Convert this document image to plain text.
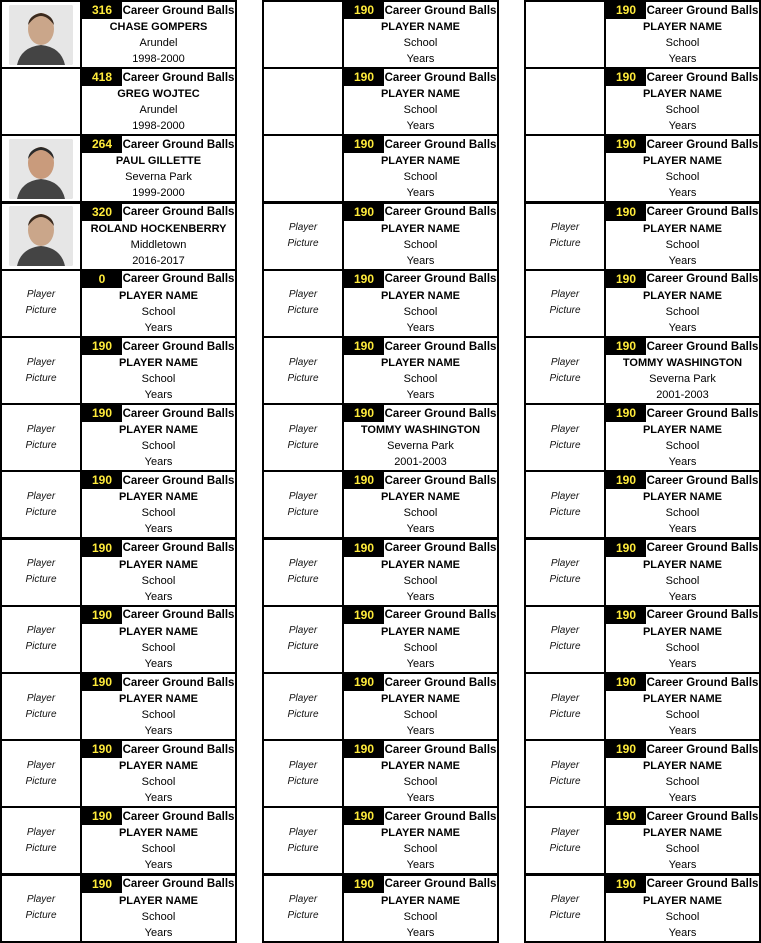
316 Career Ground Balls
CHASE GOMPERS
Arundel
1998-2000
418 Career Ground Balls
GREG WOJTEC
Arundel
1998-2000
264 Career Ground Balls
PAUL GILLETTE
Severna Park
1999-2000
320 Career Ground Balls
ROLAND HOCKENBERRY
Middletown
2016-2017
Player
Picture
0	Career Ground Balls
PLAYER NAME
School
Years
Player
Picture
190 Career Ground Balls
PLAYER NAME
School
Years
Player
Picture
190 Career Ground Balls
PLAYER NAME
School
Years
Player
Picture
190 Career Ground Balls
PLAYER NAME
School
Years
Player
Picture
190 Career Ground Balls
PLAYER NAME
School
Years
Player
Picture
190 Career Ground Balls
PLAYER NAME
School
Years
Player
Picture
190 Career Ground Balls
PLAYER NAME
School
Years
Player
Picture
190 Career Ground Balls
PLAYER NAME
School
Years
Player
Picture
190 Career Ground Balls
PLAYER NAME
School
Years
Player
Picture
190 Career Ground Balls
PLAYER NAME
School
Years
190 Career Ground Balls
PLAYER NAME
School
Years
190 Career Ground Balls
PLAYER NAME
School
Years
190 Career Ground Balls
PLAYER NAME
School
Years
Player
Picture
190 Career Ground Balls
PLAYER NAME
School
Years
Player
Picture
190 Career Ground Balls
PLAYER NAME
School
Years
Player
Picture
190 Career Ground Balls
PLAYER NAME
School
Years
Player
Picture
190 Career Ground Balls
TOMMY WASHINGTON
Severna Park
2001-2003
Player
Picture
190 Career Ground Balls
PLAYER NAME
School
Years
Player
Picture
190 Career Ground Balls
PLAYER NAME
School
Years
Player
Picture
190 Career Ground Balls
PLAYER NAME
School
Years
Player
Picture
190 Career Ground Balls
PLAYER NAME
School
Years
Player
Picture
190 Career Ground Balls
PLAYER NAME
School
Years
Player
Picture
190 Career Ground Balls
PLAYER NAME
School
Years
Player
Picture
190 Career Ground Balls
PLAYER NAME
School
Years
190 Career Ground Balls
PLAYER NAME
School
Years
190 Career Ground Balls
PLAYER NAME
School
Years
190 Career Ground Balls
PLAYER NAME
School
Years
Player
Picture
190 Career Ground Balls
PLAYER NAME
School
Years
Player
Picture
190 Career Ground Balls
PLAYER NAME
School
Years
Player
Picture
190 Career Ground Balls
TOMMY WASHINGTON
Severna Park
2001-2003
Player
Picture
190 Career Ground Balls
PLAYER NAME
School
Years
Player
Picture
190 Career Ground Balls
PLAYER NAME
School
Years
Player
Picture
190 Career Ground Balls
PLAYER NAME
School
Years
Player
Picture
190 Career Ground Balls
PLAYER NAME
School
Years
Player
Picture
190 Career Ground Balls
PLAYER NAME
School
Years
Player
Picture
190 Career Ground Balls
PLAYER NAME
School
Years
Player
Picture
190 Career Ground Balls
PLAYER NAME
School
Years
Player
Picture
190 Career Ground Balls
PLAYER NAME
School
Years
